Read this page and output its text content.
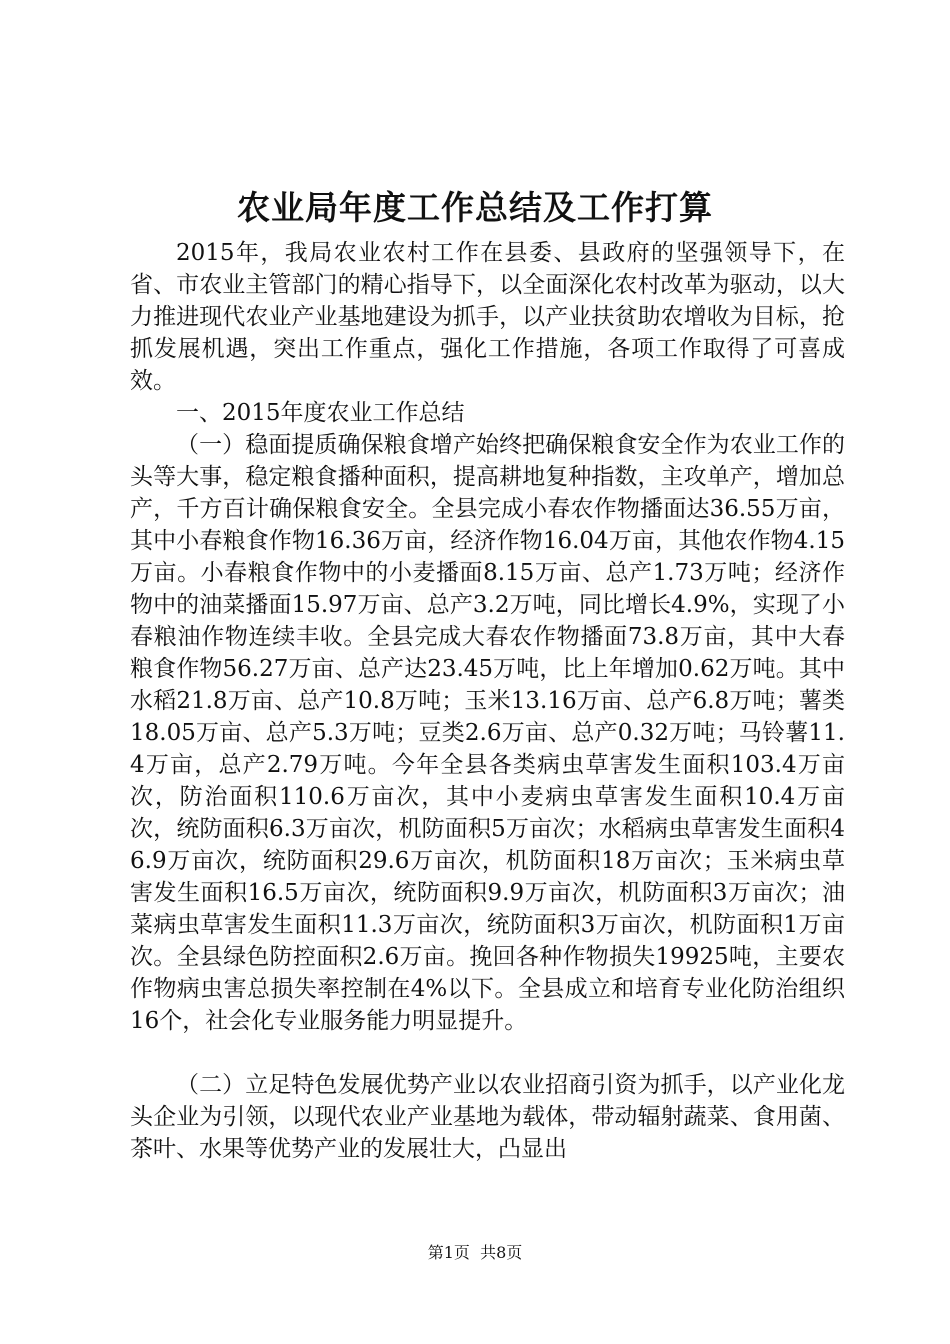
农业局年度工作总结及工作打算

2015年，我局农业农村工作在县委、县政府的坚强领导下，在省、市农业主管部门的精心指导下，以全面深化农村改革为驱动，以大力推进现代农业产业基地建设为抓手，以产业扶贫助农增收为目标，抢抓发展机遇，突出工作重点，强化工作措施，各项工作取得了可喜成效。

一、2015年度农业工作总结

（一）稳面提质确保粮食增产始终把确保粮食安全作为农业工作的头等大事，稳定粮食播种面积，提高耕地复种指数，主攻单产，增加总产，千方百计确保粮食安全。全县完成小春农作物播面达36.55万亩，其中小春粮食作物16.36万亩，经济作物16.04万亩，其他农作物4.15万亩。小春粮食作物中的小麦播面8.15万亩、总产1.73万吨；经济作物中的油菜播面15.97万亩、总产3.2万吨，同比增长4.9%，实现了小春粮油作物连续丰收。全县完成大春农作物播面73.8万亩，其中大春粮食作物56.27万亩、总产达23.45万吨，比上年增加0.62万吨。其中水稻21.8万亩、总产10.8万吨；玉米13.16万亩、总产6.8万吨；薯类18.05万亩、总产5.3万吨；豆类2.6万亩、总产0.32万吨；马铃薯11.4万亩，总产2.79万吨。今年全县各类病虫草害发生面积103.4万亩次，防治面积110.6万亩次，其中小麦病虫草害发生面积10.4万亩次，统防面积6.3万亩次，机防面积5万亩次；水稻病虫草害发生面积46.9万亩次，统防面积29.6万亩次，机防面积18万亩次；玉米病虫草害发生面积16.5万亩次，统防面积9.9万亩次，机防面积3万亩次；油菜病虫草害发生面积11.3万亩次，统防面积3万亩次，机防面积1万亩次。全县绿色防控面积2.6万亩。挽回各种作物损失19925吨，主要农作物病虫害总损失率控制在4%以下。全县成立和培育专业化防治组织16个，社会化专业服务能力明显提升。

（二）立足特色发展优势产业以农业招商引资为抓手，以产业化龙头企业为引领，以现代农业产业基地为载体，带动辐射蔬菜、食用菌、茶叶、水果等优势产业的发展壮大，凸显出

第1页 共8页
